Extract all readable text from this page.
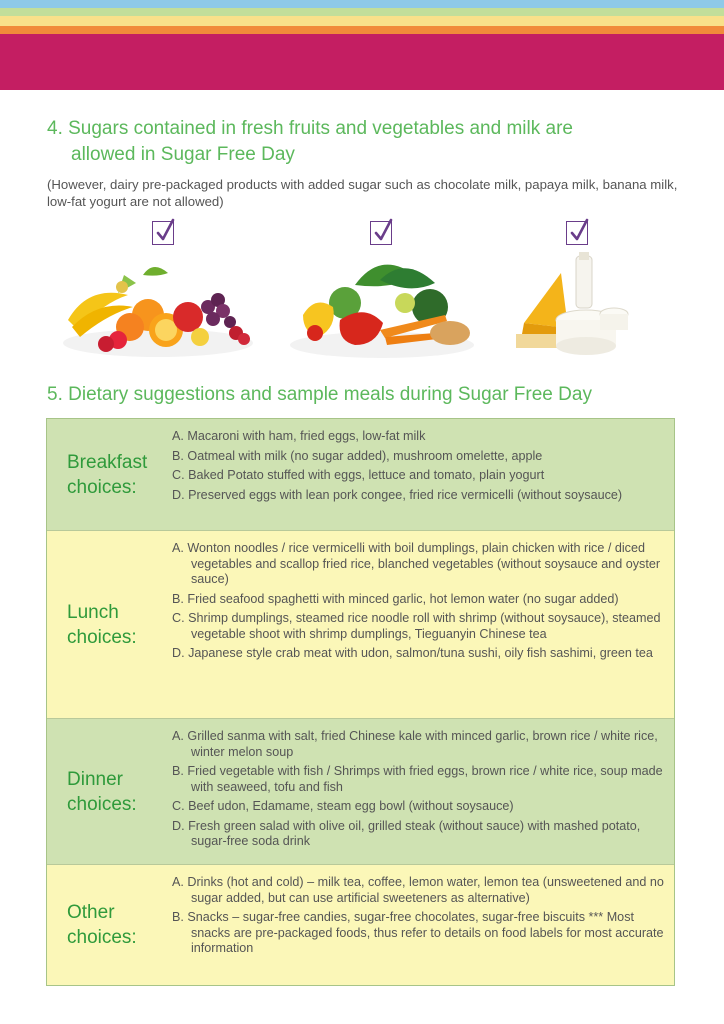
4. Sugars contained in fresh fruits and vegetables and milk are
allowed in Sugar Free Day
(However, dairy pre-packaged products with added sugar such as chocolate milk, papaya milk, banana milk, low-fat yogurt are not allowed)
5. Dietary suggestions and sample meals during Sugar Free Day
Breakfast
choices:
A. Macaroni with ham, fried eggs, low-fat milk
B. Oatmeal with milk (no sugar added), mushroom omelette, apple
C. Baked Potato stuffed with eggs, lettuce and tomato, plain yogurt
D. Preserved eggs with lean pork congee, fried rice vermicelli (without soysauce)
Lunch
choices:
A. Wonton noodles / rice vermicelli with boil dumplings, plain chicken with rice / diced vegetables and scallop fried rice, blanched vegetables (without soysauce and oyster sauce)
B. Fried seafood spaghetti with minced garlic, hot lemon water (no sugar added)
C. Shrimp dumplings, steamed rice noodle roll with shrimp (without soysauce), steamed vegetable shoot with shrimp dumplings, Tieguanyin Chinese tea
D. Japanese style crab meat with udon, salmon/tuna sushi, oily fish sashimi, green tea
Dinner
choices:
A. Grilled sanma with salt, fried Chinese kale with minced garlic, brown rice / white rice, winter melon soup
B. Fried vegetable with fish / Shrimps with fried eggs, brown rice / white rice, soup made with seaweed, tofu and fish
C. Beef udon, Edamame, steam egg bowl (without soysauce)
D. Fresh green salad with olive oil, grilled steak (without sauce) with mashed potato, sugar-free soda drink
Other
choices:
A. Drinks (hot and cold) – milk tea, coffee, lemon water, lemon tea (unsweetened and no sugar added, but can use artificial sweeteners as alternative)
B. Snacks – sugar-free candies, sugar-free chocolates, sugar-free biscuits *** Most snacks are pre-packaged foods, thus refer to details on food labels for most accurate information
